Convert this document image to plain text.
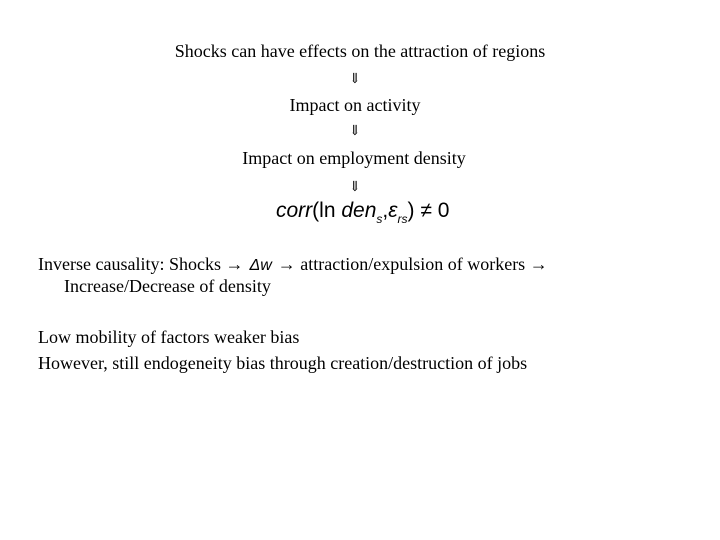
Shocks can have effects on the attraction of regions
⇓
Impact on activity
⇓
Impact on employment density
⇓
corr(ln $den_s,\varepsilon_{rs}) \ne 0$
Inverse causality: Shocks → Δw → attraction/expulsion of workers →
Increase/Decrease of density
Low mobility of factors weaker bias
However, still endogeneity bias through creation/destruction of jobs
